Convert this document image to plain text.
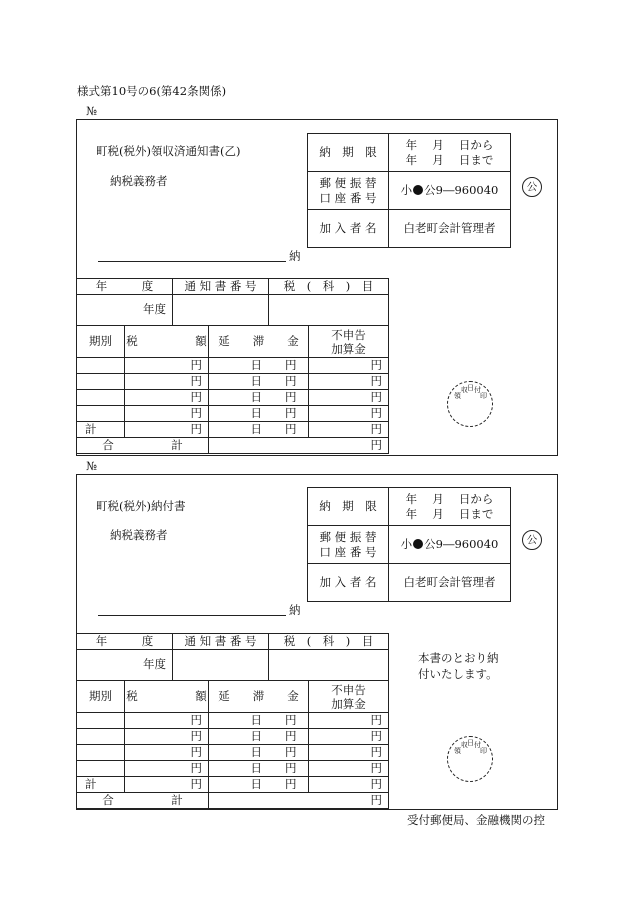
様式第10号の6(第42条関係)
№
町税(税外)領収済通知書(乙)
納税義務者
納　期　限	年　 月　 日から
年　 月　 日まで

郵 便 振 替
口 座 番 号	小 公9―960040
加 入 者 名	白老町会計管理者
公
納
年　　　度		通 知 書 番 号		税　(　科　)　目	
年度					
期別	税　　　　　額		延　　滞　　金		不申告
加算金

	円		日　　 円		円
	円		日　　 円		円
	円		日　　 円		円
	円		日　　 円		円
計	円		日　　 円		円
合　　　　　計			円		
領
収 日 付
印
№
町税(税外)納付書
納税義務者
納　期　限	年　 月　 日から
年　 月　 日まで

郵 便 振 替
口 座 番 号	小 公9―960040
加 入 者 名	白老町会計管理者
公
納
年　　　度		通 知 書 番 号		税　(　科　)　目	
年度					
期別	税　　　　　額		延　　滞　　金		不申告
加算金

	円		日　　 円		円
	円		日　　 円		円
	円		日　　 円		円
	円		日　　 円		円
計	円		日　　 円		円
合　　　　　計			円		
本書のとおり納
付いたします。
領
収 日 付
印
受付郵便局、金融機関の控
